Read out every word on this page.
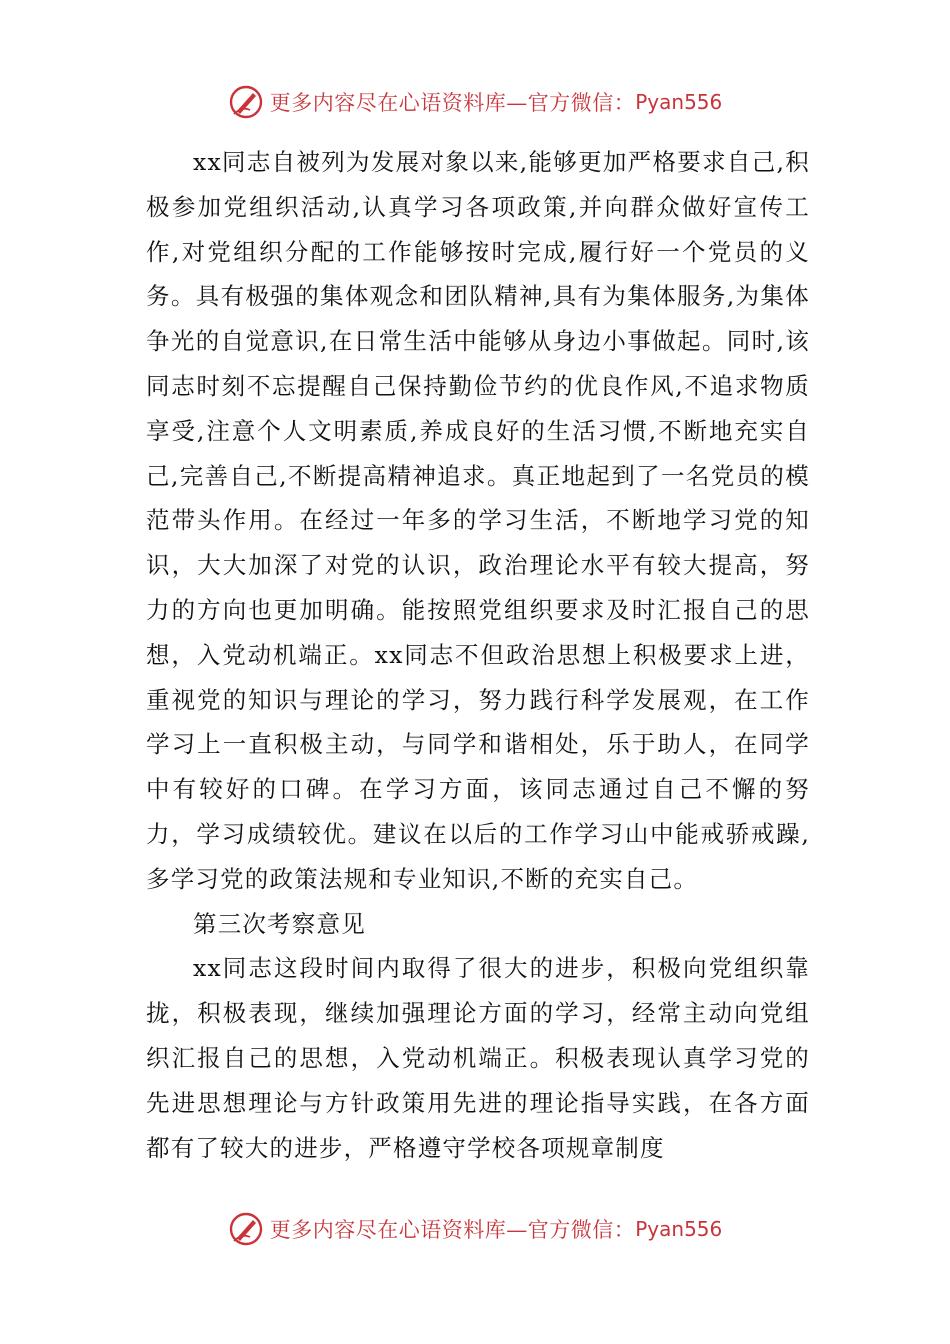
更多内容尽在心语资料库—官方微信： Pyan556

xx同志自被列为发展对象以来,能够更加严格要求自己,积极参加党组织活动,认真学习各项政策,并向群众做好宣传工作,对党组织分配的工作能够按时完成,履行好一个党员的义务。具有极强的集体观念和团队精神,具有为集体服务,为集体争光的自觉意识,在日常生活中能够从身边小事做起。同时,该同志时刻不忘提醒自己保持勤俭节约的优良作风,不追求物质享受,注意个人文明素质,养成良好的生活习惯,不断地充实自己,完善自己,不断提高精神追求。真正地起到了一名党员的模范带头作用。在经过一年多的学习生活，不断地学习党的知识，大大加深了对党的认识，政治理论水平有较大提高，努力的方向也更加明确。能按照党组织要求及时汇报自己的思想，入党动机端正。xx同志不但政治思想上积极要求上进，重视党的知识与理论的学习，努力践行科学发展观，在工作学习上一直积极主动，与同学和谐相处，乐于助人，在同学中有较好的口碑。在学习方面，该同志通过自己不懈的努力，学习成绩较优。建议在以后的工作学习山中能戒骄戒躁,多学习党的政策法规和专业知识,不断的充实自己。

第三次考察意见

xx同志这段时间内取得了很大的进步，积极向党组织靠拢，积极表现，继续加强理论方面的学习，经常主动向党组织汇报自己的思想，入党动机端正。积极表现认真学习党的先进思想理论与方针政策用先进的理论指导实践，在各方面都有了较大的进步，严格遵守学校各项规章制度

更多内容尽在心语资料库—官方微信： Pyan556
